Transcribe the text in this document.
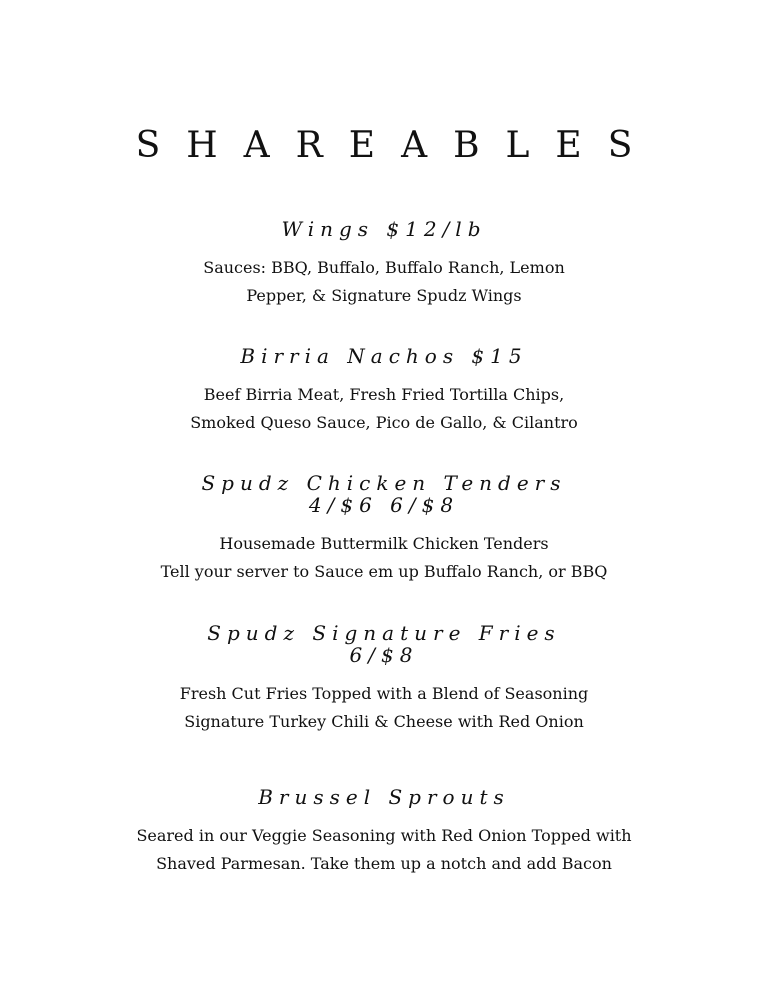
SHAREABLES

Wings $12/lb

Sauces: BBQ, Buffalo, Buffalo Ranch, Lemon

Pepper, & Signature Spudz Wings

Birria Nachos $15

Beef Birria Meat, Fresh Fried Tortilla Chips,

Smoked Queso Sauce, Pico de Gallo, & Cilantro

Spudz Chicken Tenders

4/$6 6/$8

Housemade Buttermilk Chicken Tenders

Tell your server to Sauce em up Buffalo Ranch, or BBQ

Spudz Signature Fries

6/$8

Fresh Cut Fries Topped with a Blend of Seasoning

Signature Turkey Chili & Cheese with Red Onion

Brussel Sprouts

Seared in our Veggie Seasoning with Red Onion Topped with

Shaved Parmesan. Take them up a notch and add Bacon
